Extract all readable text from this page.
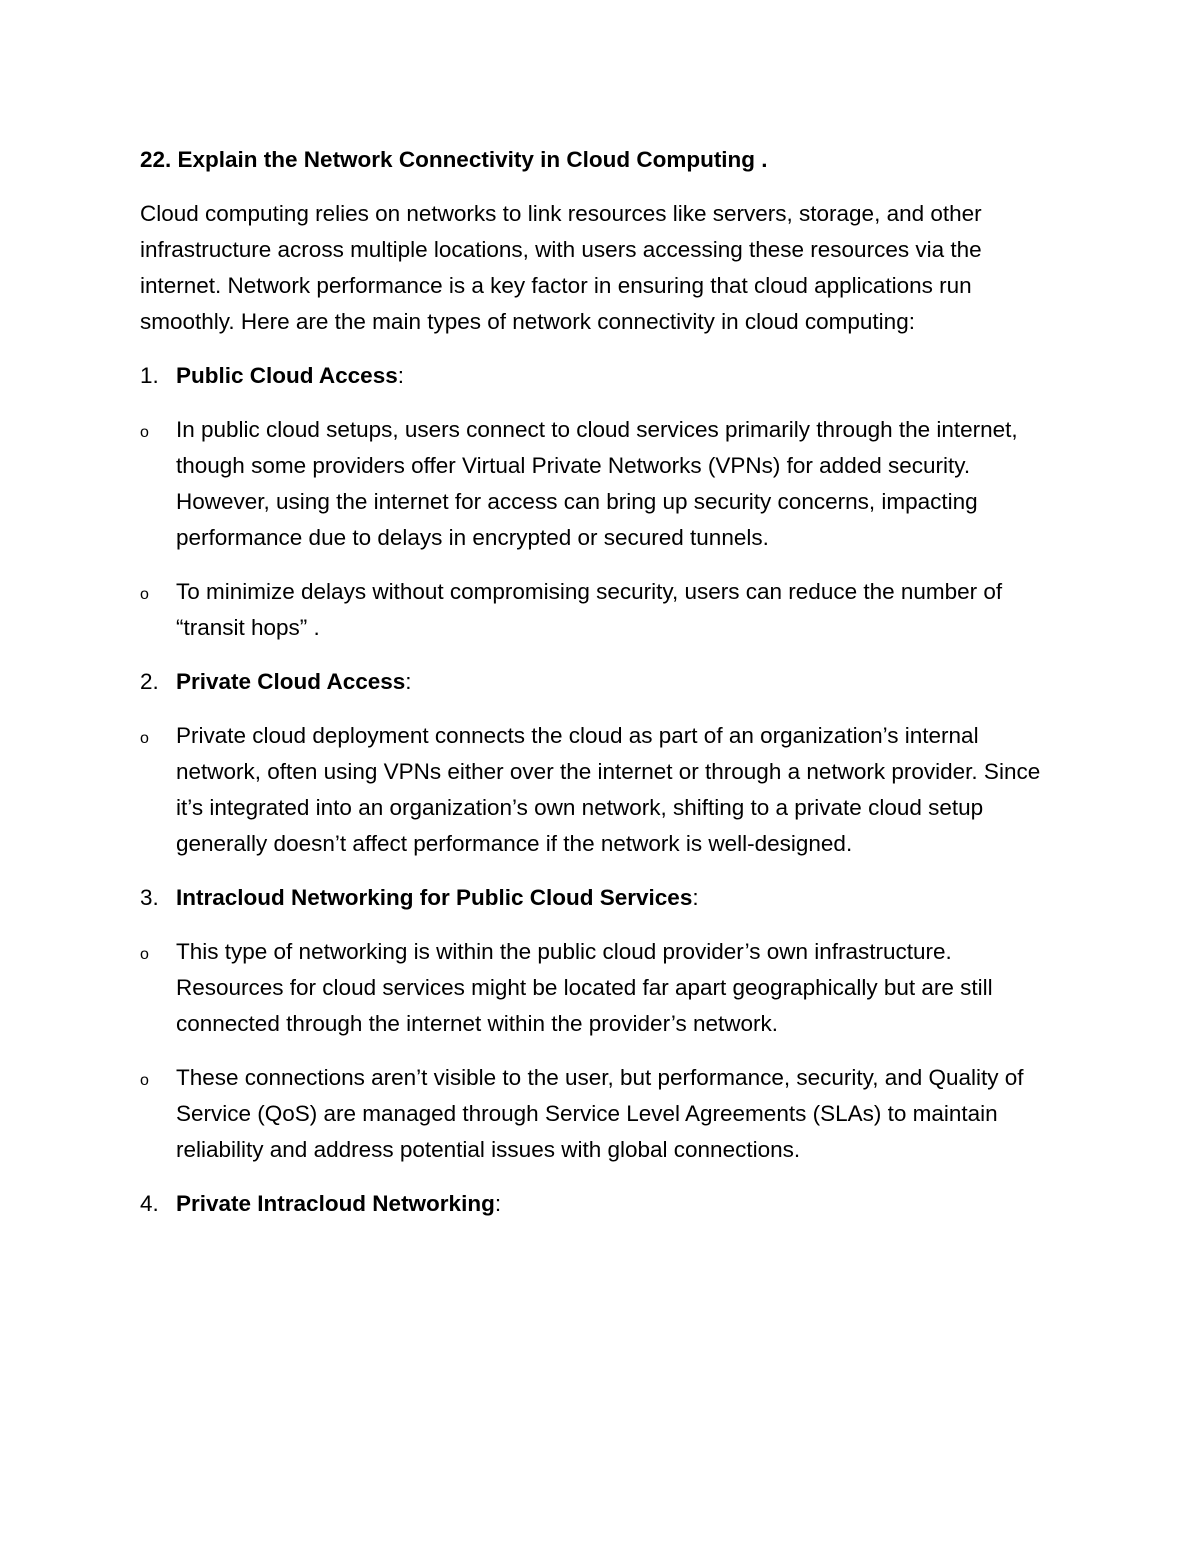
22. Explain the Network Connectivity in Cloud Computing .
Cloud computing relies on networks to link resources like servers, storage, and other infrastructure across multiple locations, with users accessing these resources via the internet. Network performance is a key factor in ensuring that cloud applications run smoothly. Here are the main types of network connectivity in cloud computing:
1. Public Cloud Access:
o	In public cloud setups, users connect to cloud services primarily through the internet, though some providers offer Virtual Private Networks (VPNs) for added security. However, using the internet for access can bring up security concerns, impacting performance due to delays in encrypted or secured tunnels.
o	To minimize delays without compromising security, users can reduce the number of “transit hops” .
2. Private Cloud Access:
o	Private cloud deployment connects the cloud as part of an organization’s internal network, often using VPNs either over the internet or through a network provider. Since it’s integrated into an organization’s own network, shifting to a private cloud setup generally doesn’t affect performance if the network is well-designed.
3. Intracloud Networking for Public Cloud Services:
o	This type of networking is within the public cloud provider’s own infrastructure. Resources for cloud services might be located far apart geographically but are still connected through the internet within the provider’s network.
o	These connections aren’t visible to the user, but performance, security, and Quality of Service (QoS) are managed through Service Level Agreements (SLAs) to maintain reliability and address potential issues with global connections.
4. Private Intracloud Networking:
